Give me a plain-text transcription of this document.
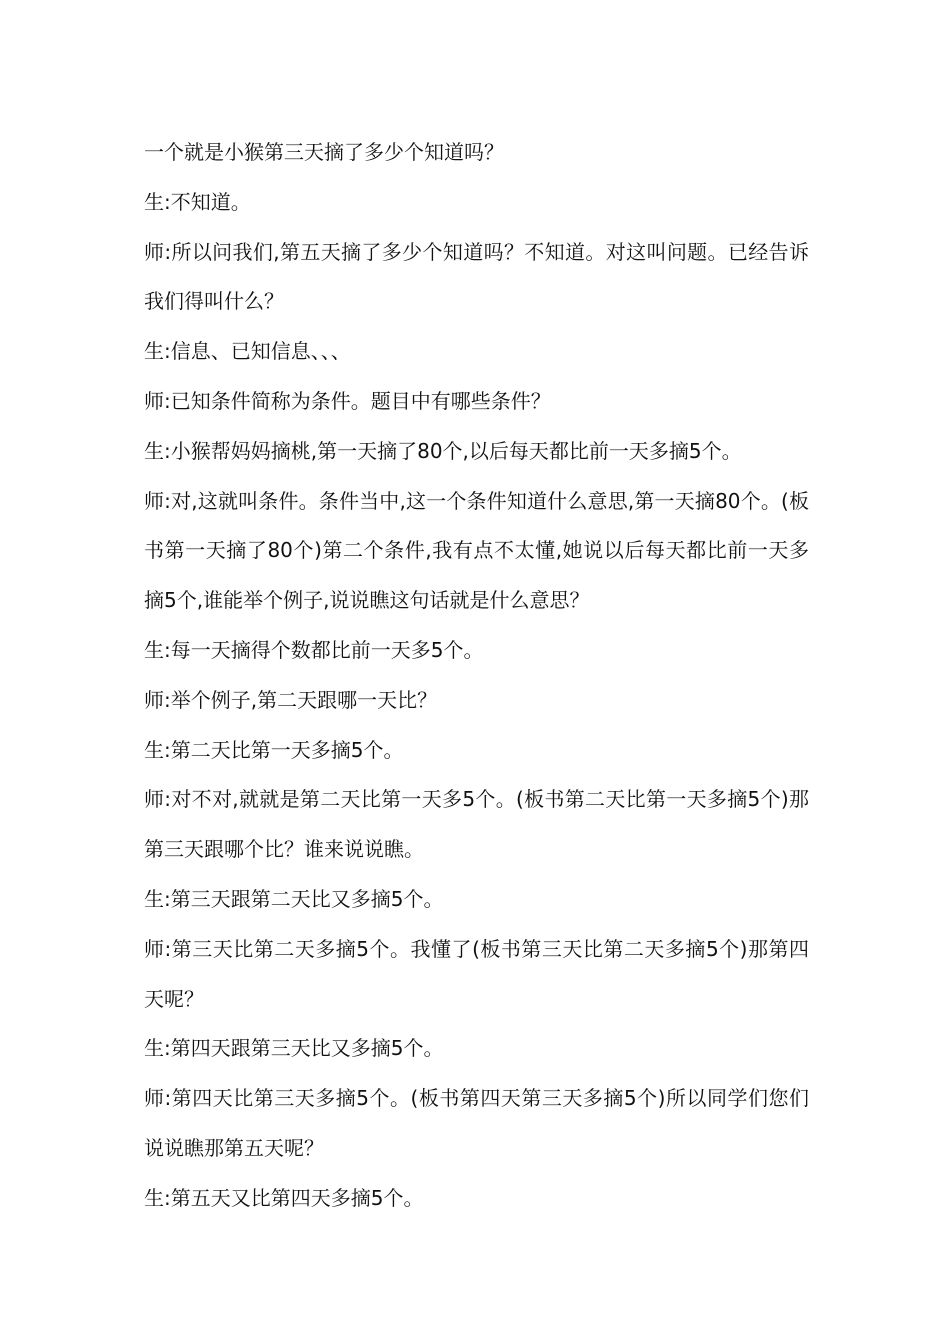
一个就是小猴第三天摘了多少个知道吗？

生:不知道。

师:所以问我们,第五天摘了多少个知道吗？不知道。对这叫问题。已经告诉我们得叫什么？

生:信息、已知信息、、、

师:已知条件简称为条件。题目中有哪些条件？

生:小猴帮妈妈摘桃,第一天摘了80个,以后每天都比前一天多摘5个。

师:对,这就叫条件。条件当中,这一个条件知道什么意思,第一天摘80个。(板书第一天摘了80个)第二个条件,我有点不太懂,她说以后每天都比前一天多摘5个,谁能举个例子,说说瞧这句话就是什么意思？

生:每一天摘得个数都比前一天多5个。

师:举个例子,第二天跟哪一天比？

生:第二天比第一天多摘5个。

师:对不对,就就是第二天比第一天多5个。(板书第二天比第一天多摘5个)那第三天跟哪个比？谁来说说瞧。

生:第三天跟第二天比又多摘5个。

师:第三天比第二天多摘5个。我懂了(板书第三天比第二天多摘5个)那第四天呢？

生:第四天跟第三天比又多摘5个。

师:第四天比第三天多摘5个。(板书第四天第三天多摘5个)所以同学们您们说说瞧那第五天呢？

生:第五天又比第四天多摘5个。
